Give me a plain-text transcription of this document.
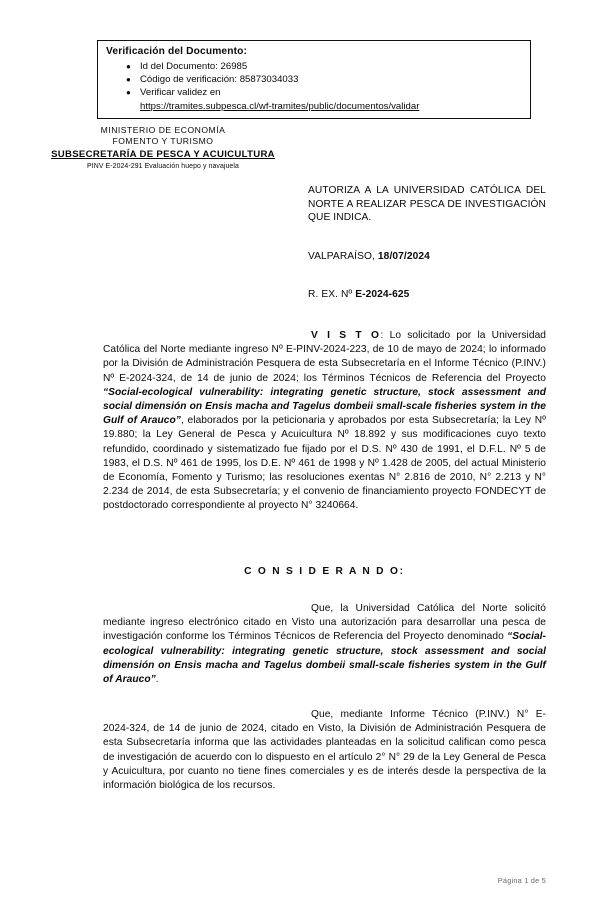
Verificación del Documento:
● Id del Documento: 26985
● Código de verificación: 85873034033
● Verificar validez en
https://tramites.subpesca.cl/wf-tramites/public/documentos/validar
MINISTERIO DE ECONOMÍA
FOMENTO Y TURISMO
SUBSECRETARÍA DE PESCA Y ACUICULTURA
PINV E-2024-291 Evaluación huepo y navajuela
AUTORIZA A LA UNIVERSIDAD CATÓLICA DEL NORTE A REALIZAR PESCA DE INVESTIGACIÓN QUE INDICA.
VALPARAÍSO, 18/07/2024
R. EX. Nº E-2024-625
V I S T O: Lo solicitado por la Universidad Católica del Norte mediante ingreso Nº E-PINV-2024-223, de 10 de mayo de 2024; lo informado por la División de Administración Pesquera de esta Subsecretaría en el Informe Técnico (P.INV.) Nº E-2024-324, de 14 de junio de 2024; los Términos Técnicos de Referencia del Proyecto “Social-ecological vulnerability: integrating genetic structure, stock assessment and social dimensión on Ensis macha and Tagelus dombeii small-scale fisheries system in the Gulf of Arauco”, elaborados por la peticionaria y aprobados por esta Subsecretaría; la Ley Nº 19.880; la Ley General de Pesca y Acuicultura Nº 18.892 y sus modificaciones cuyo texto refundido, coordinado y sistematizado fue fijado por el D.S. Nº 430 de 1991, el D.F.L. Nº 5 de 1983, el D.S. Nº 461 de 1995, los D.E. Nº 461 de 1998 y Nº 1.428 de 2005, del actual Ministerio de Economía, Fomento y Turismo; las resoluciones exentas N° 2.816 de 2010, N° 2.213 y N° 2.234 de 2014, de esta Subsecretaría; y el convenio de financiamiento proyecto FONDECYT de postdoctorado correspondiente al proyecto N° 3240664.
C O N S I D E R A N D O:
Que, la Universidad Católica del Norte solicitó mediante ingreso electrónico citado en Visto una autorización para desarrollar una pesca de investigación conforme los Términos Técnicos de Referencia del Proyecto denominado “Social-ecological vulnerability: integrating genetic structure, stock assessment and social dimensión on Ensis macha and Tagelus dombeii small-scale fisheries system in the Gulf of Arauco”.
Que, mediante Informe Técnico (P.INV.) N° E-2024-324, de 14 de junio de 2024, citado en Visto, la División de Administración Pesquera de esta Subsecretaría informa que las actividades planteadas en la solicitud califican como pesca de investigación de acuerdo con lo dispuesto en el artículo 2° N° 29 de la Ley General de Pesca y Acuicultura, por cuanto no tiene fines comerciales y es de interés desde la perspectiva de la información biológica de los recursos.
Página 1 de 5
